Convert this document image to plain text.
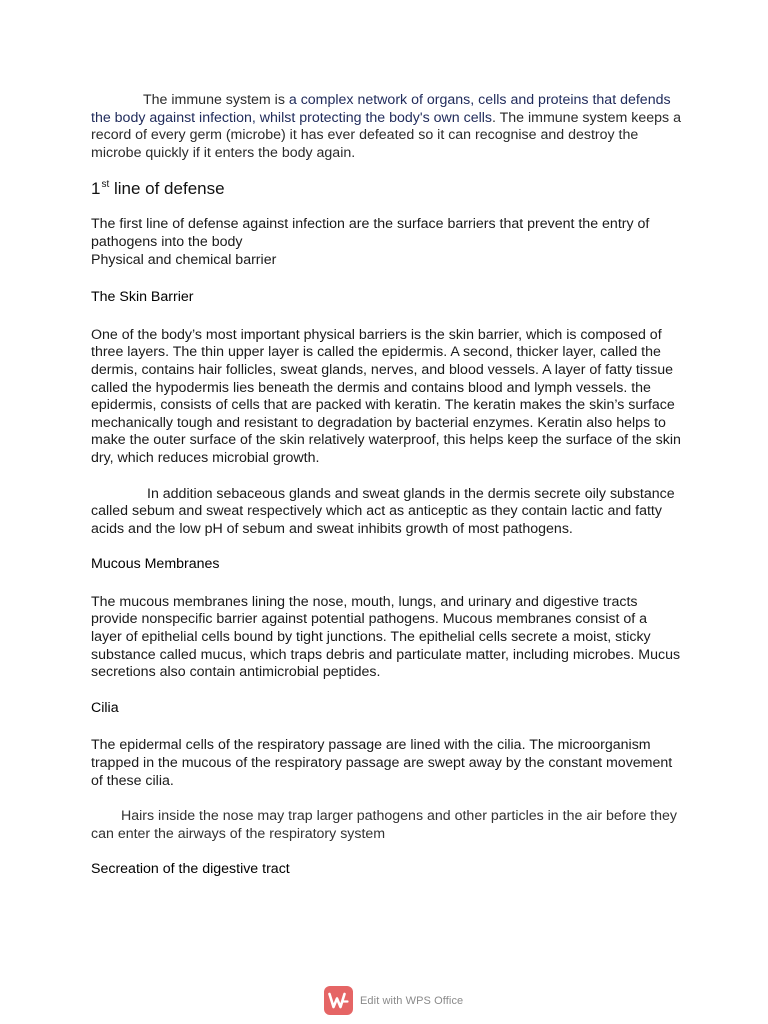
The immune system is a complex network of organs, cells and proteins that defends the body against infection, whilst protecting the body's own cells. The immune system keeps a record of every germ (microbe) it has ever defeated so it can recognise and destroy the microbe quickly if it enters the body again.

1st line of defense

The first line of defense against infection are the surface barriers that prevent the entry of pathogens into the body

Physical and chemical barrier

The Skin Barrier

One of the body’s most important physical barriers is the skin barrier, which is composed of three layers. The thin upper layer is called the epidermis. A second, thicker layer, called the dermis, contains hair follicles, sweat glands, nerves, and blood vessels. A layer of fatty tissue called the hypodermis lies beneath the dermis and contains blood and lymph vessels. the epidermis, consists of cells that are packed with keratin. The keratin makes the skin’s surface mechanically tough and resistant to degradation by bacterial enzymes. Keratin also helps to make the outer surface of the skin relatively waterproof, this helps keep the surface of the skin dry, which reduces microbial growth.

In addition sebaceous glands and sweat glands in the dermis secrete oily substance called sebum and sweat respectively which act as anticeptic as they contain lactic and fatty acids and the low pH of sebum and sweat inhibits growth of most pathogens.

Mucous Membranes

The mucous membranes lining the nose, mouth, lungs, and urinary and digestive tracts provide nonspecific barrier against potential pathogens. Mucous membranes consist of a layer of epithelial cells bound by tight junctions. The epithelial cells secrete a moist, sticky substance called mucus, which traps debris and particulate matter, including microbes. Mucus secretions also contain antimicrobial peptides.

Cilia

The epidermal cells of the respiratory passage are lined with the cilia. The microorganism trapped in the mucous of the respiratory passage are swept away by the constant movement of these cilia.

Hairs inside the nose may trap larger pathogens and other particles in the air before they can enter the airways of the respiratory system

Secreation of the digestive tract

Edit with WPS Office
